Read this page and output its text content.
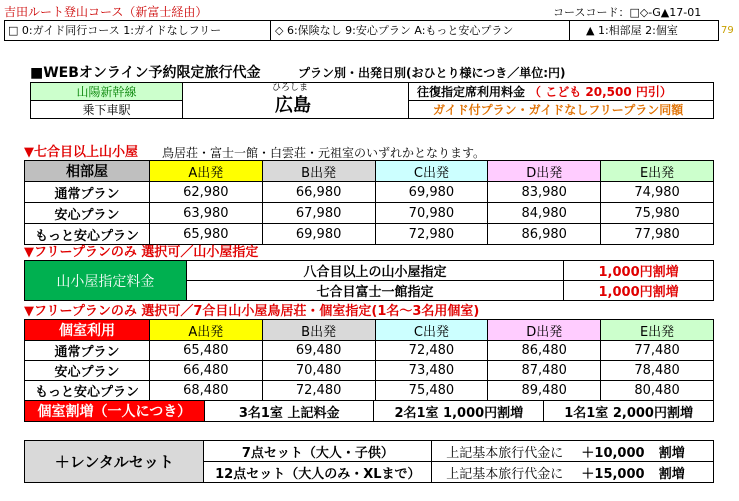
吉田ルート登山コース（新富士経由）	コースコード：□◇-G▲17-01
□ 0:ガイド同行コース 1:ガイドなしフリー	◇ 6:保険なし 9:安心プラン A:もっと安心プラン	▲ 1:相部屋 2:個室	79
■WEBオンライン予約限定旅行代金	プラン別・出発日別(おひとり様につき／単位:円)
山陽新幹線
乗下車駅
ひろしま
広島
往復指定席利用料金 （ こども 20,500 円引）
ガイド付プラン・ガイドなしフリープラン同額
▼七合目以上山小屋 鳥居荘・富士一館・白雲荘・元祖室のいずれかとなります。
相部屋	A出発	B出発	C出発	D出発	E出発
通常プラン	62,980	66,980	69,980	83,980	74,980
安心プラン	63,980	67,980	70,980	84,980	75,980
もっと安心プラン	65,980	69,980	72,980	86,980	77,980
▼フリープランのみ 選択可／山小屋指定
山小屋指定料金	八合目以上の山小屋指定	1,000円割増
	七合目富士一館指定	1,000円割増
▼フリープランのみ 選択可／7合目山小屋鳥居荘・個室指定(1名～3名用個室)
個室利用	A出発	B出発	C出発	D出発	E出発
通常プラン	65,480	69,480	72,480	86,480	77,480
安心プラン	66,480	70,480	73,480	87,480	78,480
もっと安心プラン	68,480	72,480	75,480	89,480	80,480
個室割増（一人につき）	3名1室 上記料金	2名1室 1,000円割増	1名1室 2,000円割増
＋レンタルセット	7点セット（大人・子供）	上記基本旅行代金に ＋10,000 割増
	12点セット（大人のみ・XLまで）	上記基本旅行代金に ＋15,000 割増
